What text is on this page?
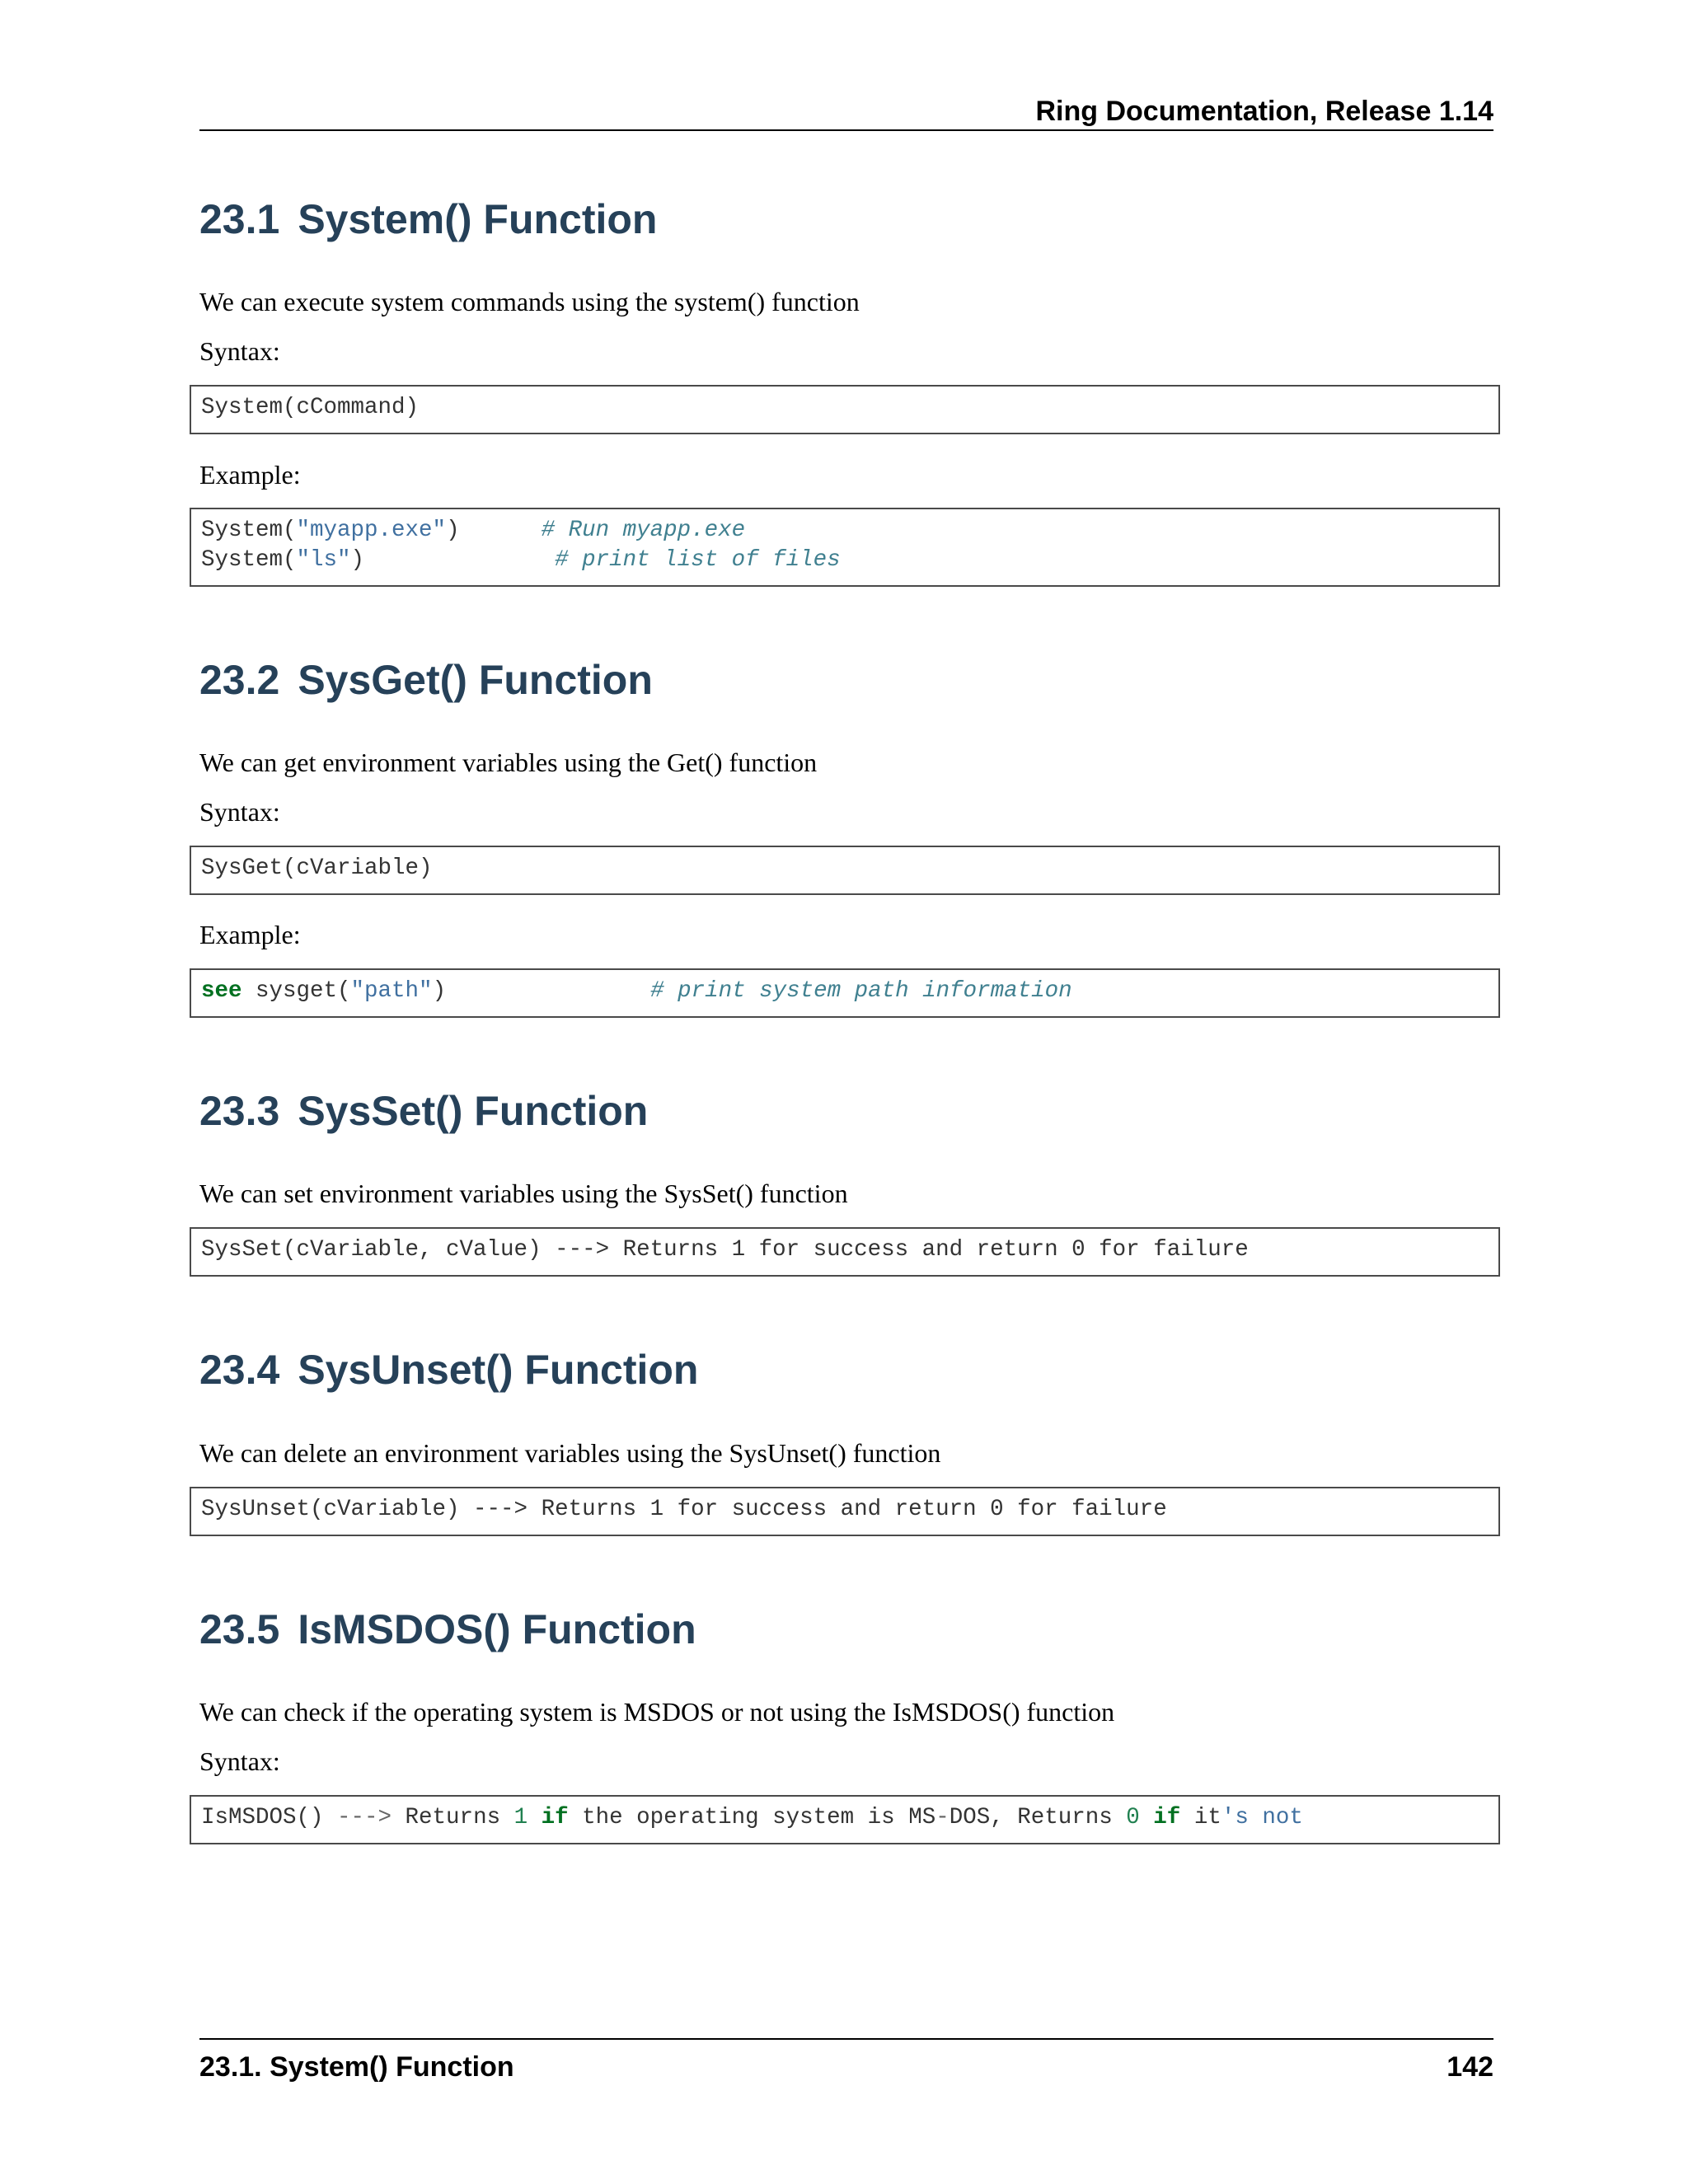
Ring Documentation, Release 1.14
23.1 System() Function

We can execute system commands using the system() function

Syntax:

System(cCommand)

Example:

System("myapp.exe")	# Run myapp.exe
System("ls")	# print list of files
23.2 SysGet() Function

We can get environment variables using the Get() function

Syntax:

SysGet(cVariable)

Example:

see sysget("path")	# print system path information
23.3 SysSet() Function

We can set environment variables using the SysSet() function

SysSet(cVariable, cValue) ---> Returns 1 for success and return 0 for failure
23.4 SysUnset() Function

We can delete an environment variables using the SysUnset() function

SysUnset(cVariable) ---> Returns 1 for success and return 0 for failure
23.5 IsMSDOS() Function

We can check if the operating system is MSDOS or not using the IsMSDOS() function

Syntax:

IsMSDOS() ---> Returns 1 if the operating system is MS-DOS, Returns 0 if it's not
23.1. System() Function	142
